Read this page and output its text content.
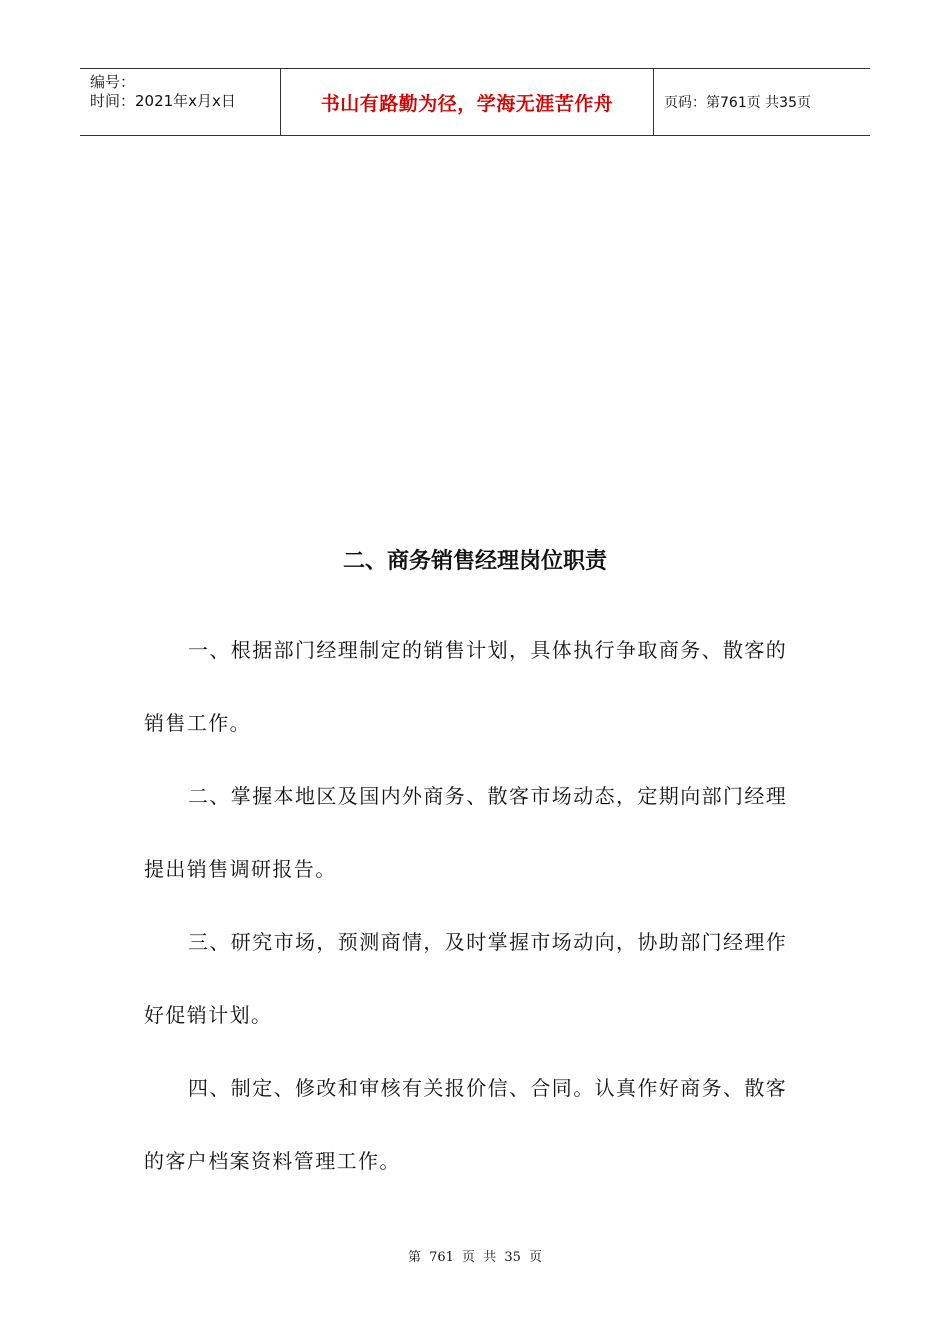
编号：
时间：2021年x月x日	书山有路勤为径，学海无涯苦作舟	页码：第761页 共35页
二、商务销售经理岗位职责

一、根据部门经理制定的销售计划，具体执行争取商务、散客的销售工作。

二、掌握本地区及国内外商务、散客市场动态，定期向部门经理提出销售调研报告。

三、研究市场，预测商情，及时掌握市场动向，协助部门经理作好促销计划。

四、制定、修改和审核有关报价信、合同。认真作好商务、散客的客户档案资料管理工作。

第 761 页 共 35 页
